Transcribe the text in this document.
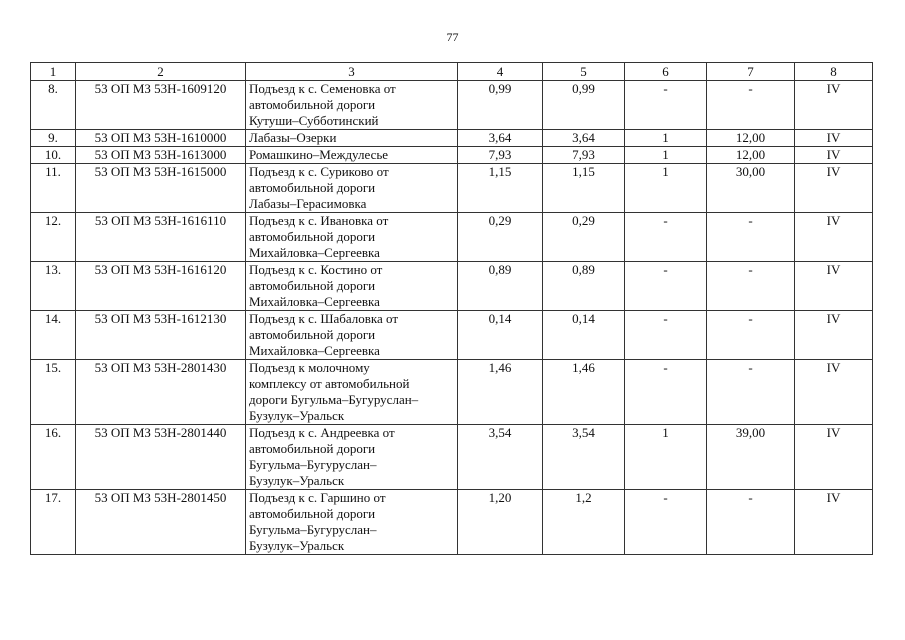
77
1	2	3	4	5	6	7	8
8.	53 ОП МЗ 53Н-1609120	Подъезд к с. Семеновка от
автомобильной дороги
Кутуши–Субботинский	0,99	0,99	-	-	IV
9.	53 ОП МЗ 53Н-1610000	Лабазы–Озерки	3,64	3,64	1	12,00	IV
10.	53 ОП МЗ 53Н-1613000	Ромашкино–Междулесье	7,93	7,93	1	12,00	IV
11.	53 ОП МЗ 53Н-1615000	Подъезд к с. Суриково от
автомобильной дороги
Лабазы–Герасимовка	1,15	1,15	1	30,00	IV
12.	53 ОП МЗ 53Н-1616110	Подъезд к с. Ивановка от
автомобильной дороги
Михайловка–Сергеевка	0,29	0,29	-	-	IV
13.	53 ОП МЗ 53Н-1616120	Подъезд к с. Костино от
автомобильной дороги
Михайловка–Сергеевка	0,89	0,89	-	-	IV
14.	53 ОП МЗ 53Н-1612130	Подъезд к с. Шабаловка от
автомобильной дороги
Михайловка–Сергеевка	0,14	0,14	-	-	IV
15.	53 ОП МЗ 53Н-2801430	Подъезд к молочному
комплексу от автомобильной
дороги Бугульма–Бугуруслан–
Бузулук–Уральск	1,46	1,46	-	-	IV
16.	53 ОП МЗ 53Н-2801440	Подъезд к с. Андреевка от
автомобильной дороги
Бугульма–Бугуруслан–
Бузулук–Уральск	3,54	3,54	1	39,00	IV
17.	53 ОП МЗ 53Н-2801450	Подъезд к с. Гаршино от
автомобильной дороги
Бугульма–Бугуруслан–
Бузулук–Уральск	1,20	1,2	-	-	IV
